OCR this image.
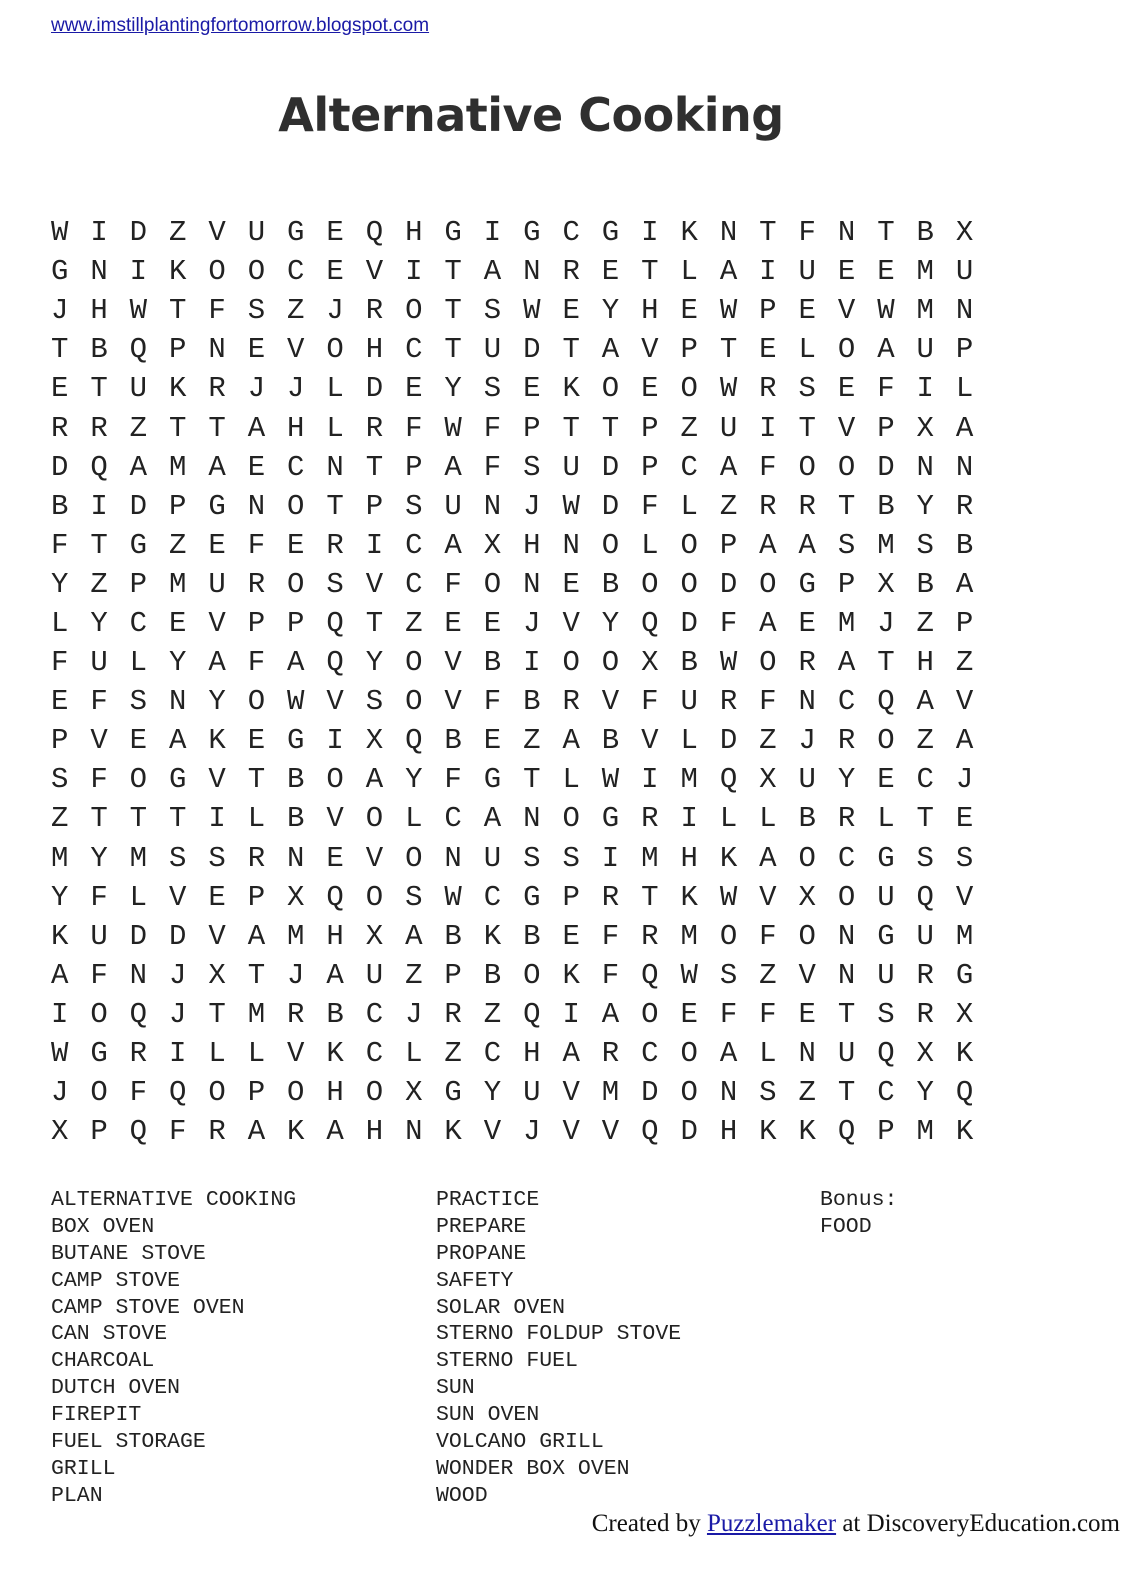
www.imstillplantingfortomorrow.blogspot.com
Alternative Cooking
W I D Z V U G E Q H G I G C G I K N T F N T B X
G N I K O O C E V I T A N R E T L A I U E E M U
J H W T F S Z J R O T S W E Y H E W P E V W M N
T B Q P N E V O H C T U D T A V P T E L O A U P
E T U K R J J L D E Y S E K O E O W R S E F I L
R R Z T T A H L R F W F P T T P Z U I T V P X A
D Q A M A E C N T P A F S U D P C A F O O D N N
B I D P G N O T P S U N J W D F L Z R R T B Y R
F T G Z E F E R I C A X H N O L O P A A S M S B
Y Z P M U R O S V C F O N E B O O D O G P X B A
L Y C E V P P Q T Z E E J V Y Q D F A E M J Z P
F U L Y A F A Q Y O V B I O O X B W O R A T H Z
E F S N Y O W V S O V F B R V F U R F N C Q A V
P V E A K E G I X Q B E Z A B V L D Z J R O Z A
S F O G V T B O A Y F G T L W I M Q X U Y E C J
Z T T T I L B V O L C A N O G R I L L B R L T E
M Y M S S R N E V O N U S S I M H K A O C G S S
Y F L V E P X Q O S W C G P R T K W V X O U Q V
K U D D V A M H X A B K B E F R M O F O N G U M
A F N J X T J A U Z P B O K F Q W S Z V N U R G
I O Q J T M R B C J R Z Q I A O E F F E T S R X
W G R I L L V K C L Z C H A R C O A L N U Q X K
J O F Q O P O H O X G Y U V M D O N S Z T C Y Q
X P Q F R A K A H N K V J V V Q D H K K Q P M K
ALTERNATIVE COOKING
BOX OVEN
BUTANE STOVE
CAMP STOVE
CAMP STOVE OVEN
CAN STOVE
CHARCOAL
DUTCH OVEN
FIREPIT
FUEL STORAGE
GRILL
PLAN
PRACTICE
PREPARE
PROPANE
SAFETY
SOLAR OVEN
STERNO FOLDUP STOVE
STERNO FUEL
SUN
SUN OVEN
VOLCANO GRILL
WONDER BOX OVEN
WOOD
Bonus:
FOOD
Created by Puzzlemaker at DiscoveryEducation.com
